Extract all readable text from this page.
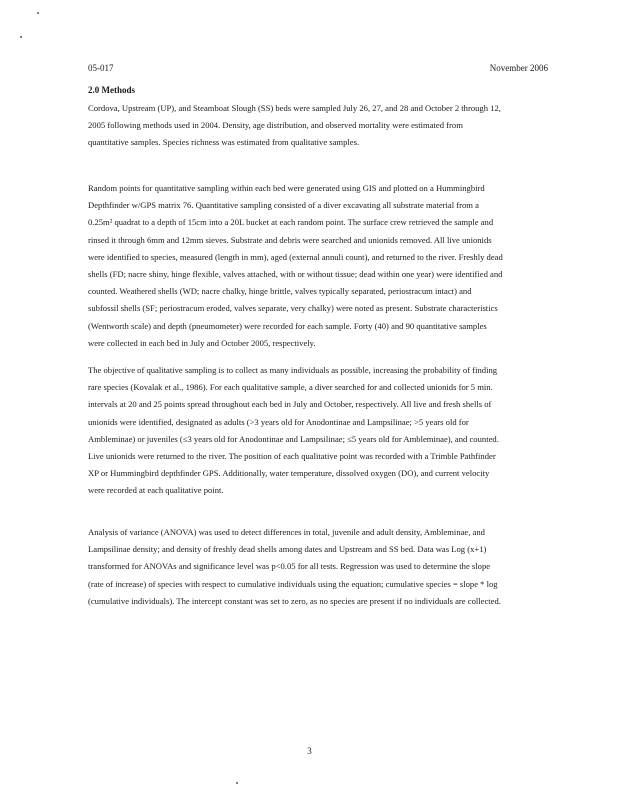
05-017	November 2006
2.0 Methods

Cordova, Upstream (UP), and Steamboat Slough (SS) beds were sampled July 26, 27, and 28 and October 2 through 12,
2005 following methods used in 2004. Density, age distribution, and observed mortality were estimated from
quantitative samples. Species richness was estimated from qualitative samples.

Random points for quantitative sampling within each bed were generated using GIS and plotted on a Hummingbird
Depthfinder w/GPS matrix 76. Quantitative sampling consisted of a diver excavating all substrate material from a
0.25m² quadrat to a depth of 15cm into a 20L bucket at each random point. The surface crew retrieved the sample and
rinsed it through 6mm and 12mm sieves. Substrate and debris were searched and unionids removed. All live unionids
were identified to species, measured (length in mm), aged (external annuli count), and returned to the river. Freshly dead
shells (FD; nacre shiny, hinge flexible, valves attached, with or without tissue; dead within one year) were identified and
counted. Weathered shells (WD; nacre chalky, hinge brittle, valves typically separated, periostracum intact) and
subfossil shells (SF; periostracum eroded, valves separate, very chalky) were noted as present. Substrate characteristics
(Wentworth scale) and depth (pneumometer) were recorded for each sample. Forty (40) and 90 quantitative samples
were collected in each bed in July and October 2005, respectively.

The objective of qualitative sampling is to collect as many individuals as possible, increasing the probability of finding
rare species (Kovalak et al., 1986). For each qualitative sample, a diver searched for and collected unionids for 5 min.
intervals at 20 and 25 points spread throughout each bed in July and October, respectively. All live and fresh shells of
unionids were identified, designated as adults (>3 years old for Anodontinae and Lampsilinae; >5 years old for
Ambleminae) or juveniles (≤3 years old for Anodontinae and Lampsilinae; ≤5 years old for Ambleminae), and counted.
Live unionids were returned to the river. The position of each qualitative point was recorded with a Trimble Pathfinder
XP or Hummingbird depthfinder GPS. Additionally, water temperature, dissolved oxygen (DO), and current velocity
were recorded at each qualitative point.

Analysis of variance (ANOVA) was used to detect differences in total, juvenile and adult density, Ambleminae, and
Lampsilinae density; and density of freshly dead shells among dates and Upstream and SS bed. Data was Log (x+1)
transformed for ANOVAs and significance level was p<0.05 for all tests. Regression was used to determine the slope
(rate of increase) of species with respect to cumulative individuals using the equation; cumulative species = slope * log
(cumulative individuals). The intercept constant was set to zero, as no species are present if no individuals are collected.

3
